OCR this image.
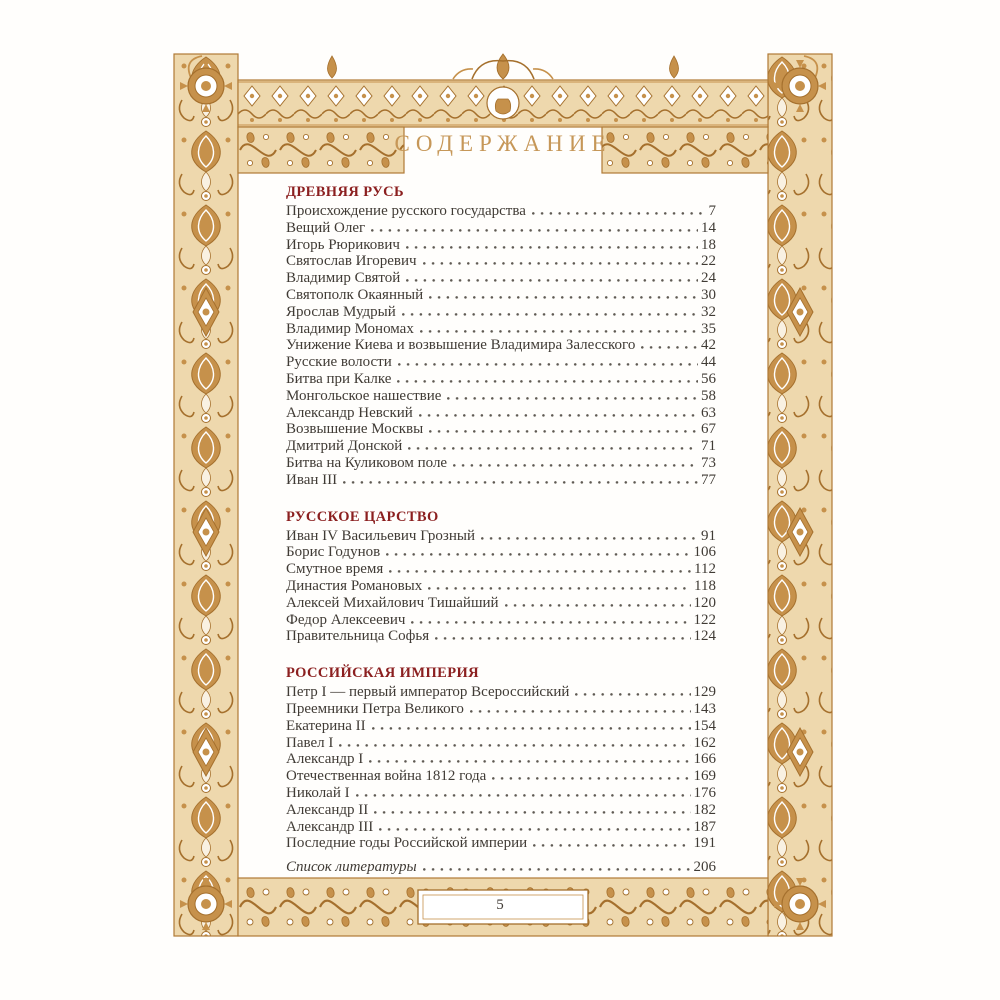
СОДЕРЖАНИЕ
ДРЕВНЯЯ РУСЬ
Происхождение русского государства	7
Вещий Олег	14
Игорь Рюрикович	18
Святослав Игоревич	22
Владимир Святой	24
Святополк Окаянный	30
Ярослав Мудрый	32
Владимир Мономах	35
Унижение Киева и возвышение Владимира Залесского	42
Русские волости	44
Битва при Калке	56
Монгольское нашествие	58
Александр Невский	63
Возвышение Москвы	67
Дмитрий Донской	71
Битва на Куликовом поле	73
Иван III	77
РУССКОЕ ЦАРСТВО
Иван IV Васильевич Грозный	91
Борис Годунов	106
Смутное время	112
Династия Романовых	118
Алексей Михайлович Тишайший	120
Федор Алексеевич	122
Правительница Софья	124
РОССИЙСКАЯ ИМПЕРИЯ
Петр I — первый император Всероссийский	129
Преемники Петра Великого	143
Екатерина II	154
Павел I	162
Александр I	166
Отечественная война 1812 года	169
Николай I	176
Александр II	182
Александр III	187
Последние годы Российской империи	191
Список литературы	206
5
